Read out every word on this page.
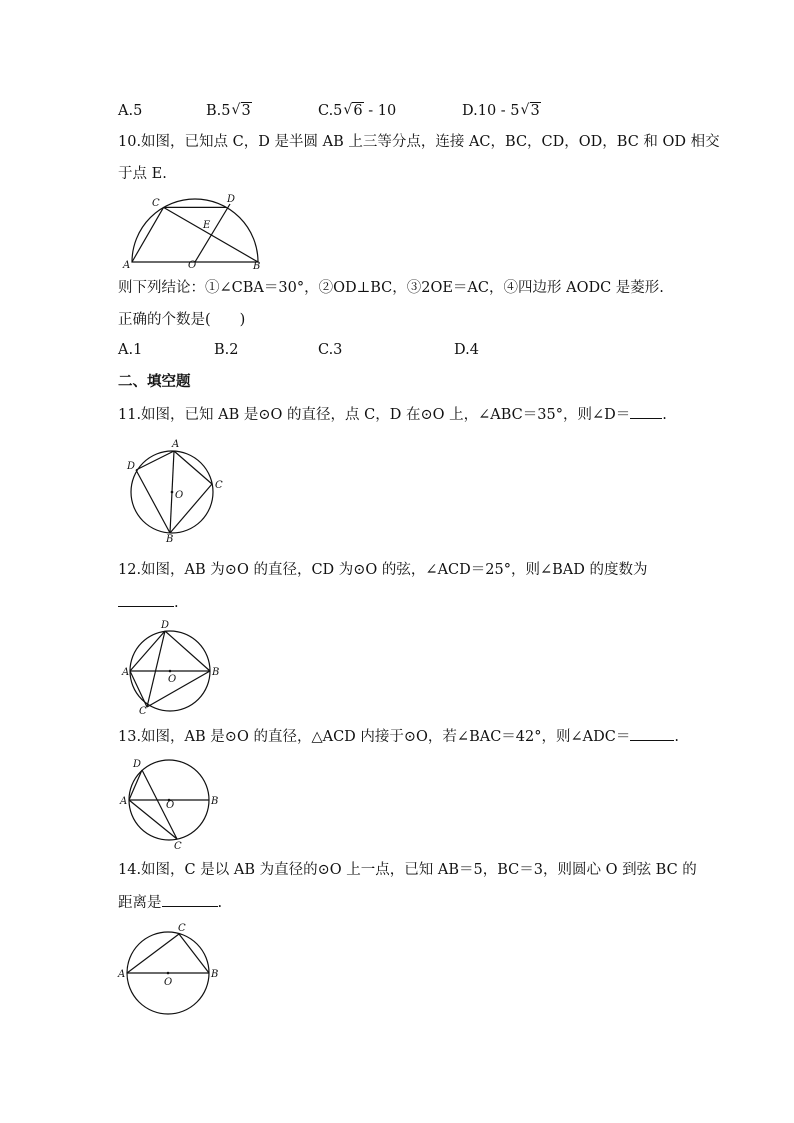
A.5	B.5 √ 3	C.5 √ 6 - 10	D.10 - 5 √ 3
10.如图，已知点 C，D 是半圆 AB 上三等分点，连接 AC，BC，CD，OD，BC 和 OD 相交
于点 E.
A	B
C	D
E
O
则下列结论：①∠CBA＝30°，②OD⊥BC，③2OE＝AC，④四边形 AODC 是菱形.
正确的个数是(　　)
A.1	B.2	C.3	D.4
二、填空题
11.如图，已知 AB 是⊙O 的直径，点 C，D 在⊙O 上，∠ABC＝35°，则∠D＝ .
A
B
C
D
O
12.如图，AB 为⊙O 的直径，CD 为⊙O 的弦，∠ACD＝25°，则∠BAD 的度数为
.
A	B
C
D
O
13.如图，AB 是⊙O 的直径，△ACD 内接于⊙O，若∠BAC＝42°，则∠ADC＝	.
A	B
C
D
O
14.如图，C 是以 AB 为直径的⊙O 上一点，已知 AB＝5，BC＝3，则圆心 O 到弦 BC 的
距离是	.
A	B
C
O
